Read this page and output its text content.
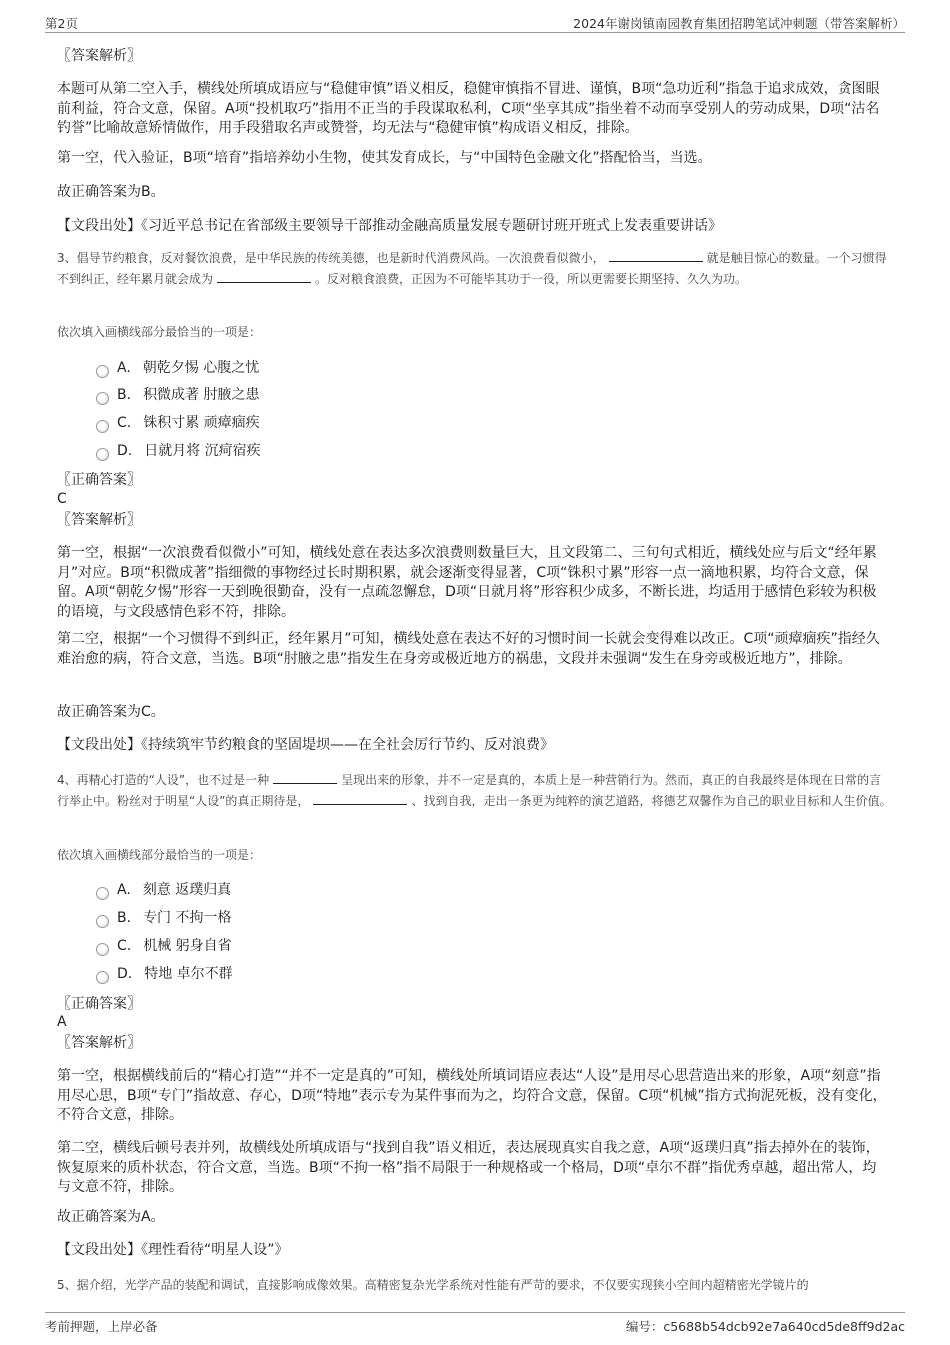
第2页	2024年谢岗镇南园教育集团招聘笔试冲刺题（带答案解析）
〖答案解析〗
本题可从第二空入手，横线处所填成语应与“稳健审慎”语义相反，稳健审慎指不冒进、谨慎，B项“急功近利”指急于追求成效，贪图眼前利益，符合文意，保留。A项“投机取巧”指用不正当的手段谋取私利，C项“坐享其成”指坐着不动而享受别人的劳动成果，D项“沽名钓誉”比喻故意矫情做作，用手段猎取名声或赞誉，均无法与“稳健审慎”构成语义相反，排除。
第一空，代入验证，B项“培育”指培养幼小生物，使其发育成长，与“中国特色金融文化”搭配恰当，当选。
故正确答案为B。
【文段出处】《习近平总书记在省部级主要领导干部推动金融高质量发展专题研讨班开班式上发表重要讲话》
3、倡导节约粮食，反对餐饮浪费，是中华民族的传统美德，也是新时代消费风尚。一次浪费看似微小，	就是触目惊心的数量。一个习惯得不到纠正，经年累月就会成为	。反对粮食浪费，正因为不可能毕其功于一役，所以更需要长期坚持、久久为功。
依次填入画横线部分最恰当的一项是：
A. 朝乾夕惕 心腹之忧
B. 积微成著 肘腋之患
C. 铢积寸累 顽瘴痼疾
D. 日就月将 沉疴宿疾
〖正确答案〗
C
〖答案解析〗
第一空，根据“一次浪费看似微小”可知，横线处意在表达多次浪费则数量巨大，且文段第二、三句句式相近，横线处应与后文“经年累月”对应。B项“积微成著”指细微的事物经过长时期积累，就会逐渐变得显著，C项“铢积寸累”形容一点一滴地积累，均符合文意，保留。A项“朝乾夕惕”形容一天到晚很勤奋，没有一点疏忽懈怠，D项“日就月将”形容积少成多，不断长进，均适用于感情色彩较为积极的语境，与文段感情色彩不符，排除。
第二空，根据“一个习惯得不到纠正，经年累月”可知，横线处意在表达不好的习惯时间一长就会变得难以改正。C项“顽瘴痼疾”指经久难治愈的病，符合文意，当选。B项“肘腋之患”指发生在身旁或极近地方的祸患，文段并未强调“发生在身旁或极近地方”，排除。
故正确答案为C。
【文段出处】《持续筑牢节约粮食的坚固堤坝——在全社会厉行节约、反对浪费》
4、再精心打造的“人设”，也不过是一种	呈现出来的形象，并不一定是真的，本质上是一种营销行为。然而，真正的自我最终是体现在日常的言行举止中。粉丝对于明星“人设”的真正期待是，	、找到自我，走出一条更为纯粹的演艺道路，将德艺双馨作为自己的职业目标和人生价值。
依次填入画横线部分最恰当的一项是：
A. 刻意 返璞归真
B. 专门 不拘一格
C. 机械 躬身自省
D. 特地 卓尔不群
〖正确答案〗
A
〖答案解析〗
第一空，根据横线前后的“精心打造”“并不一定是真的”可知，横线处所填词语应表达“人设”是用尽心思营造出来的形象，A项“刻意”指用尽心思，B项“专门”指故意、存心，D项“特地”表示专为某件事而为之，均符合文意，保留。C项“机械”指方式拘泥死板，没有变化，不符合文意，排除。
第二空，横线后顿号表并列，故横线处所填成语与“找到自我”语义相近，表达展现真实自我之意，A项“返璞归真”指去掉外在的装饰，恢复原来的质朴状态，符合文意，当选。B项“不拘一格”指不局限于一种规格或一个格局，D项“卓尔不群”指优秀卓越，超出常人，均与文意不符，排除。
故正确答案为A。
【文段出处】《理性看待“明星人设”》
5、据介绍，光学产品的装配和调试，直接影响成像效果。高精密复杂光学系统对性能有严苛的要求，不仅要实现狭小空间内超精密光学镜片的
考前押题，上岸必备	编号：c5688b54dcb92e7a640cd5de8ff9d2ac
